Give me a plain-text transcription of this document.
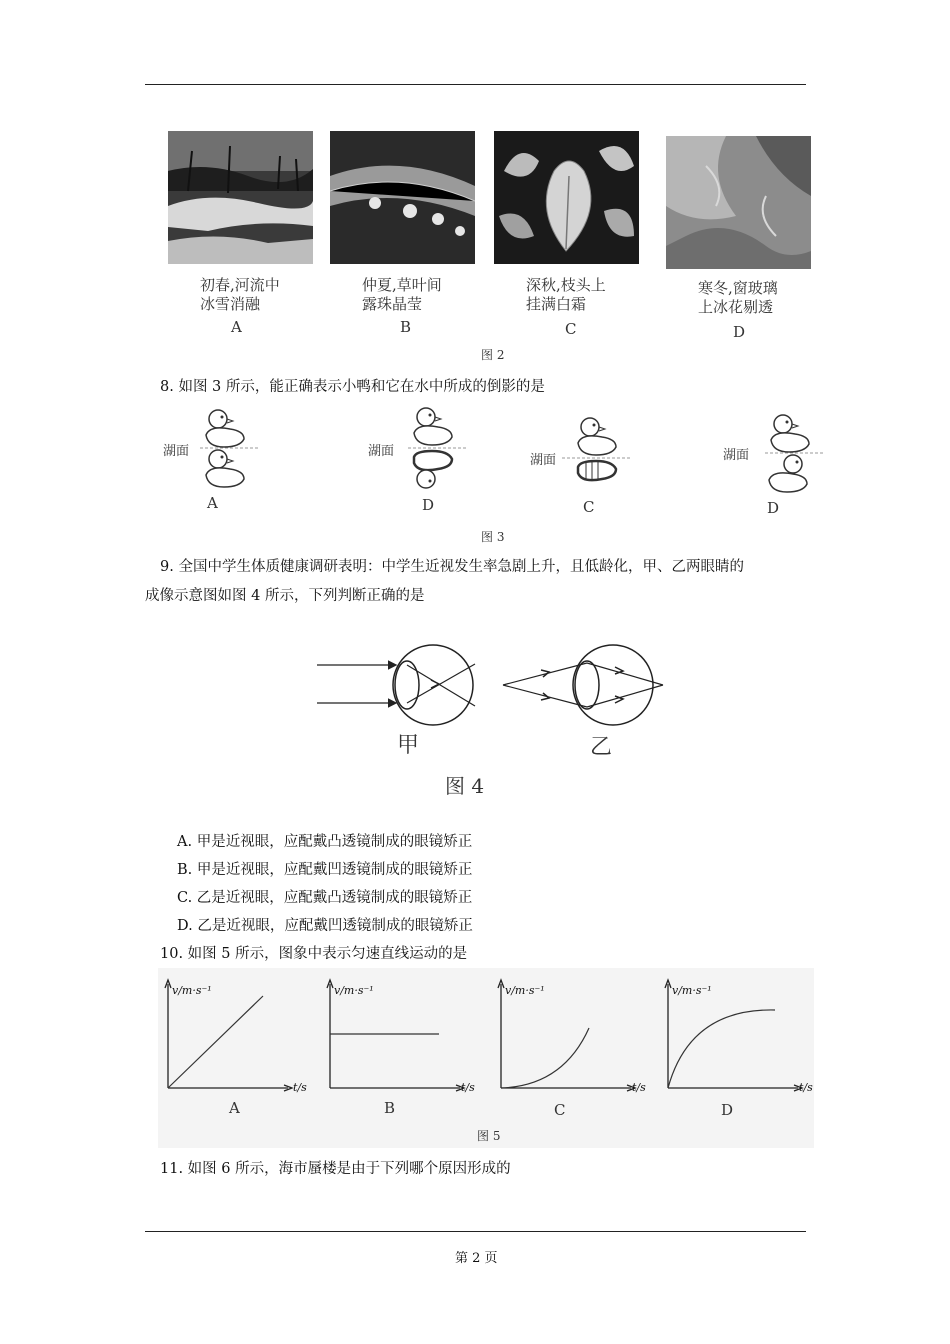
初春,河流中
冰雪消融
仲夏,草叶间
露珠晶莹
深秋,枝头上
挂满白霜
寒冬,窗玻璃
上冰花剔透
A	B	C	D
图 2
8. 如图 3 所示，能正确表示小鸭和它在水中所成的倒影的是
湖面
A
湖面
D
湖面
C
湖面
D
图 3
9. 全国中学生体质健康调研表明：中学生近视发生率急剧上升，且低龄化，甲、乙两眼睛的
成像示意图如图 4 所示，下列判断正确的是
甲	乙
图 4
A. 甲是近视眼，应配戴凸透镜制成的眼镜矫正
B. 甲是近视眼，应配戴凹透镜制成的眼镜矫正
C. 乙是近视眼，应配戴凸透镜制成的眼镜矫正
D. 乙是近视眼，应配戴凹透镜制成的眼镜矫正
10. 如图 5 所示，图象中表示匀速直线运动的是
v/m·s⁻¹
t/s
A
v/m·s⁻¹
t/s
B
v/m·s⁻¹
t/s
C
v/m·s⁻¹
t/s
D
图 5
11. 如图 6 所示，海市蜃楼是由于下列哪个原因形成的
第 2 页
